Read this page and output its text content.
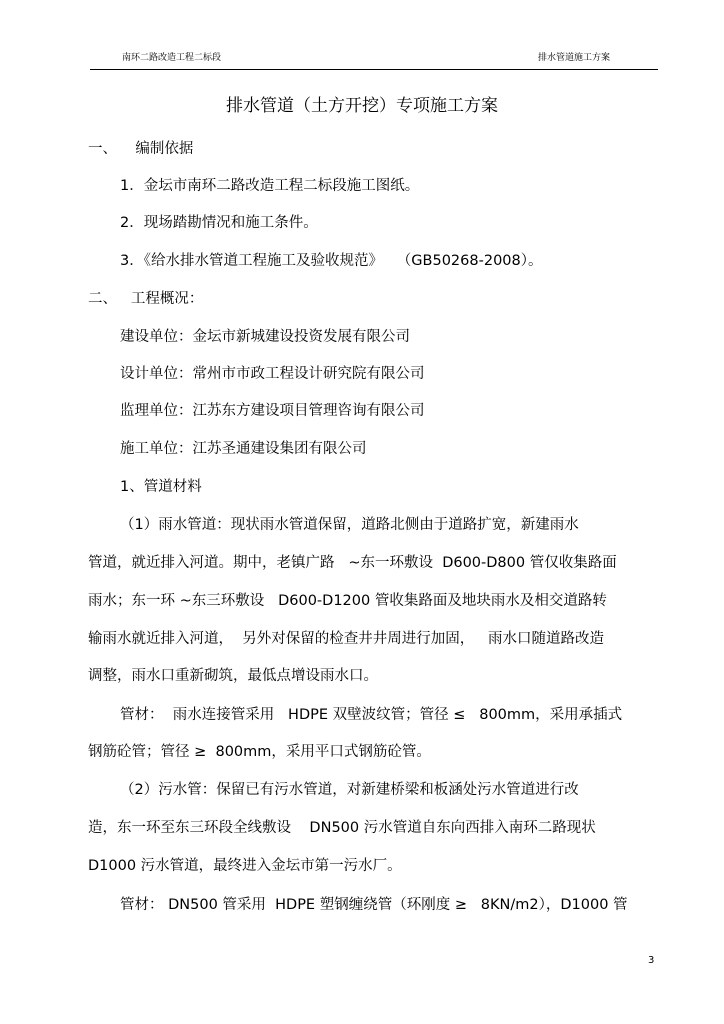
南环二路改造工程二标段	排水管道施工方案
排水管道（土方开挖）专项施工方案
一、    编制依据
1．金坛市南环二路改造工程二标段施工图纸。
2．现场踏勘情况和施工条件。
3．《给水排水管道工程施工及验收规范》   （GB50268-2008）。
二、   工程概况：
建设单位：金坛市新城建设投资发展有限公司
设计单位：常州市市政工程设计研究院有限公司
监理单位：江苏东方建设项目管理咨询有限公司
施工单位：江苏圣通建设集团有限公司
1、管道材料
（1）雨水管道：现状雨水管道保留，道路北侧由于道路扩宽，新建雨水
管道，就近排入河道。期中，老镇广路   ~东一环敷设  D600-D800 管仅收集路面
雨水；东一环 ~东三环敷设   D600-D1200 管收集路面及地块雨水及相交道路转
输雨水就近排入河道，  另外对保留的检查井井周进行加固，   雨水口随道路改造
调整，雨水口重新砌筑，最低点增设雨水口。
管材：  雨水连接管采用   HDPE 双壁波纹管；管径 ≤   800mm，采用承插式
钢筋砼管；管径 ≥  800mm，采用平口式钢筋砼管。
（2）污水管：保留已有污水管道，对新建桥梁和板涵处污水管道进行改
造，东一环至东三环段全线敷设    DN500 污水管道自东向西排入南环二路现状
D1000 污水管道，最终进入金坛市第一污水厂。
管材： DN500 管采用  HDPE 塑钢缠绕管（环刚度 ≥   8KN/m2），D1000 管
3
